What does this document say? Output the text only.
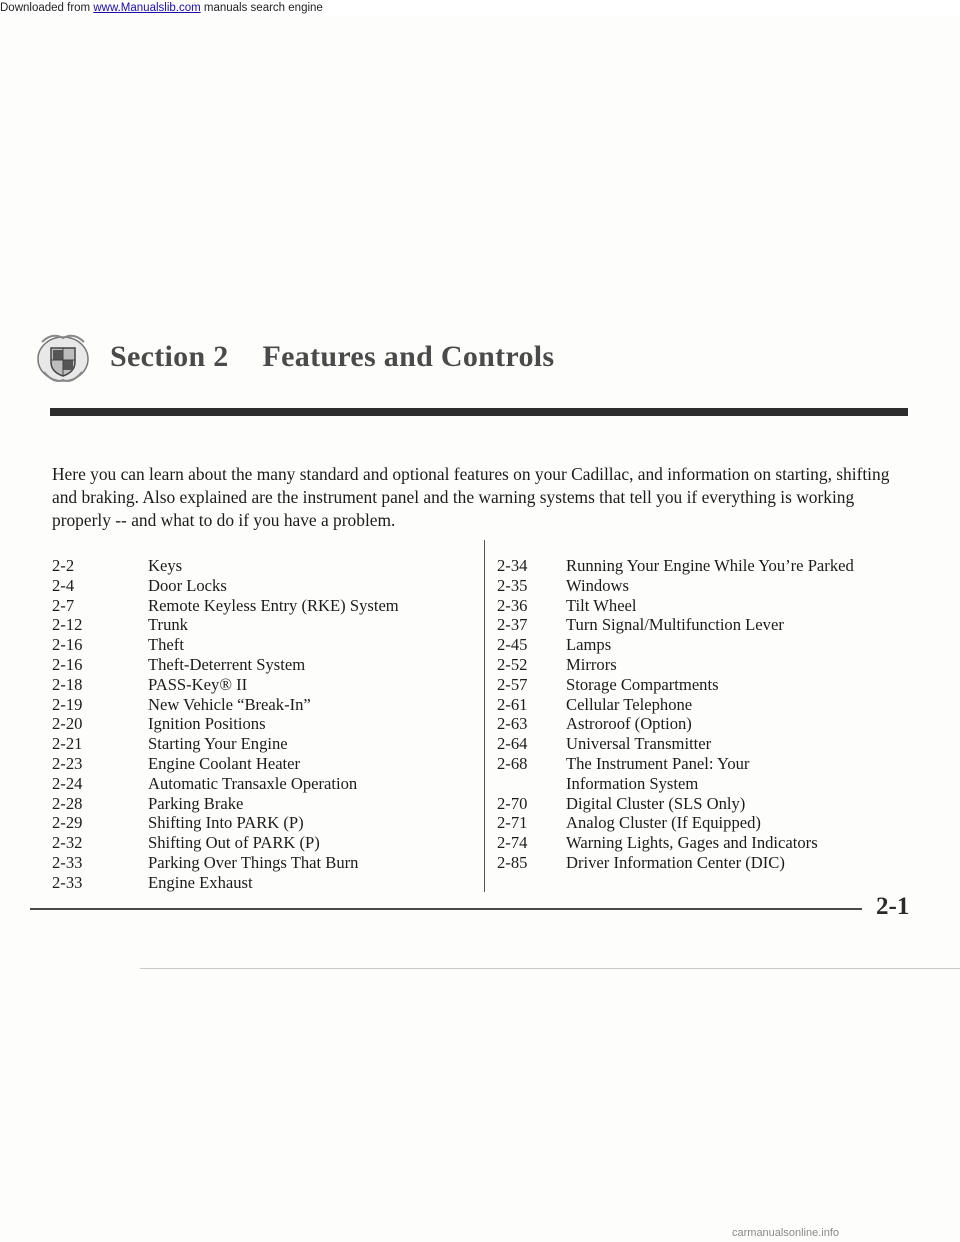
Downloaded from www.Manualslib.com manuals search engine
Section 2 Features and Controls
Here you can learn about the many standard and optional features on your Cadillac, and information on starting, shifting and braking. Also explained are the instrument panel and the warning systems that tell you if everything is working properly -- and what to do if you have a problem.
2-2	Keys
2-4	Door Locks
2-7	Remote Keyless Entry (RKE) System
2-12	Trunk
2-16	Theft
2-16	Theft-Deterrent System
2-18	PASS-Key® II
2-19	New Vehicle “Break-In”
2-20	Ignition Positions
2-21	Starting Your Engine
2-23	Engine Coolant Heater
2-24	Automatic Transaxle Operation
2-28	Parking Brake
2-29	Shifting Into PARK (P)
2-32	Shifting Out of PARK (P)
2-33	Parking Over Things That Burn
2-33	Engine Exhaust
2-34	Running Your Engine While You’re Parked
2-35	Windows
2-36	Tilt Wheel
2-37	Turn Signal/Multifunction Lever
2-45	Lamps
2-52	Mirrors
2-57	Storage Compartments
2-61	Cellular Telephone
2-63	Astroroof (Option)
2-64	Universal Transmitter
2-68	The Instrument Panel: Your
Information System
2-70	Digital Cluster (SLS Only)
2-71	Analog Cluster (If Equipped)
2-74	Warning Lights, Gages and Indicators
2-85	Driver Information Center (DIC)
2-1
carmanualsonline.info
